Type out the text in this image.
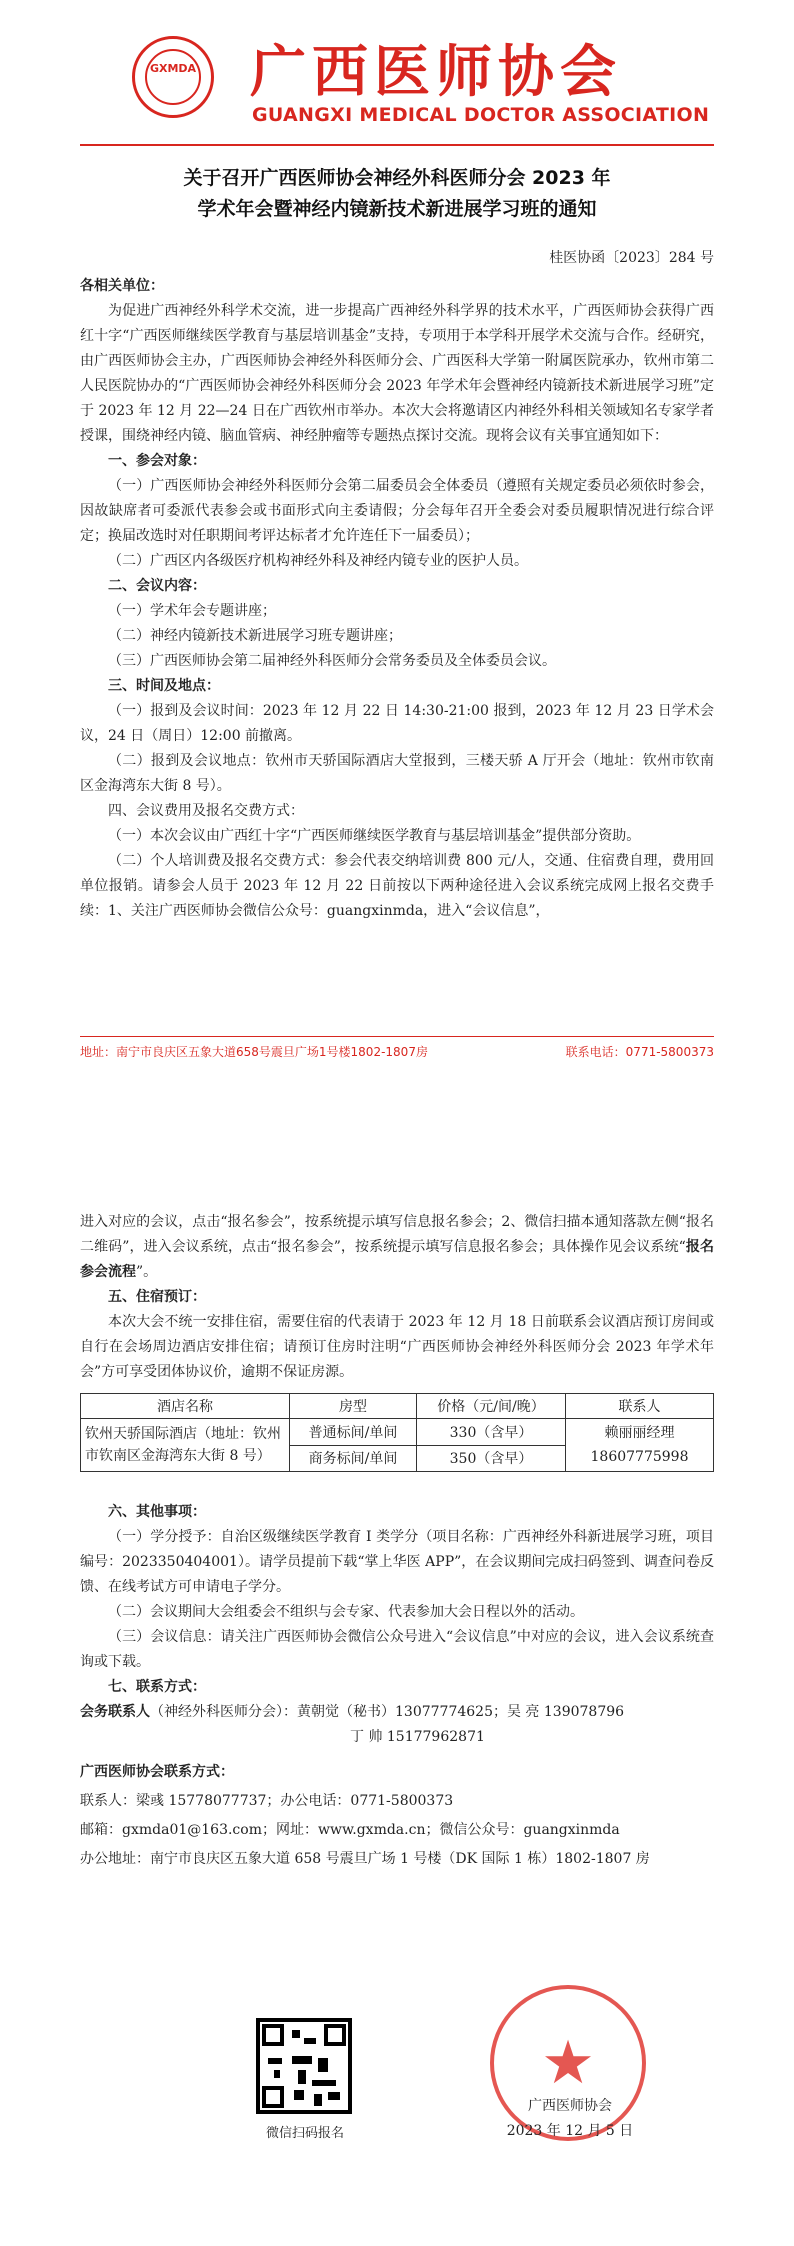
GXMDA 广西医师协会
GUANGXI MEDICAL DOCTOR ASSOCIATION
关于召开广西医师协会神经外科医师分会 2023 年
学术年会暨神经内镜新技术新进展学习班的通知
桂医协函〔2023〕284 号
各相关单位：
为促进广西神经外科学术交流，进一步提高广西神经外科学界的技术水平，广西医师协会获得广西红十字“广西医师继续医学教育与基层培训基金”支持，专项用于本学科开展学术交流与合作。经研究，由广西医师协会主办，广西医师协会神经外科医师分会、广西医科大学第一附属医院承办，钦州市第二人民医院协办的“广西医师协会神经外科医师分会 2023 年学术年会暨神经内镜新技术新进展学习班”定于 2023 年 12 月 22—24 日在广西钦州市举办。本次大会将邀请区内神经外科相关领域知名专家学者授课，围绕神经内镜、脑血管病、神经肿瘤等专题热点探讨交流。现将会议有关事宜通知如下：
一、参会对象：
（一）广西医师协会神经外科医师分会第二届委员会全体委员（遵照有关规定委员必须依时参会，因故缺席者可委派代表参会或书面形式向主委请假；分会每年召开全委会对委员履职情况进行综合评定；换届改选时对任职期间考评达标者才允许连任下一届委员）；
（二）广西区内各级医疗机构神经外科及神经内镜专业的医护人员。
二、会议内容：
（一）学术年会专题讲座；
（二）神经内镜新技术新进展学习班专题讲座；
（三）广西医师协会第二届神经外科医师分会常务委员及全体委员会议。
三、时间及地点：
（一）报到及会议时间：2023 年 12 月 22 日 14:30-21:00 报到，2023 年 12 月 23 日学术会议，24 日（周日）12:00 前撤离。
（二）报到及会议地点：钦州市天骄国际酒店大堂报到，三楼天骄 A 厅开会（地址：钦州市钦南区金海湾东大街 8 号）。
四、会议费用及报名交费方式：
（一）本次会议由广西红十字“广西医师继续医学教育与基层培训基金”提供部分资助。
（二）个人培训费及报名交费方式：参会代表交纳培训费 800 元/人，交通、住宿费自理，费用回单位报销。请参会人员于 2023 年 12 月 22 日前按以下两种途径进入会议系统完成网上报名交费手续：1、关注广西医师协会微信公众号：guangxinmda，进入“会议信息”，
地址：南宁市良庆区五象大道658号震旦广场1号楼1802-1807房	联系电话：0771-5800373
进入对应的会议，点击“报名参会”，按系统提示填写信息报名参会；2、微信扫描本通知落款左侧“报名二维码”，进入会议系统，点击“报名参会”，按系统提示填写信息报名参会；具体操作见会议系统“报名参会流程”。
五、住宿预订：
本次大会不统一安排住宿，需要住宿的代表请于 2023 年 12 月 18 日前联系会议酒店预订房间或自行在会场周边酒店安排住宿；请预订住房时注明“广西医师协会神经外科医师分会 2023 年学术年会”方可享受团体协议价，逾期不保证房源。
酒店名称	房型	价格（元/间/晚）	联系人
钦州天骄国际酒店（地址：钦州市钦南区金海湾东大街 8 号）	普通标间/单间	330（含早）	赖丽丽经理
18607775998

	商务标间/单间	350（含早）	
六、其他事项：
（一）学分授予：自治区级继续医学教育 I 类学分（项目名称：广西神经外科新进展学习班，项目编号：2023350404001）。请学员提前下载“掌上华医 APP”，在会议期间完成扫码签到、调查问卷反馈、在线考试方可申请电子学分。
（二）会议期间大会组委会不组织与会专家、代表参加大会日程以外的活动。
（三）会议信息：请关注广西医师协会微信公众号进入“会议信息”中对应的会议，进入会议系统查询或下载。
七、联系方式：
会务联系人（神经外科医师分会）：黄朝觉（秘书）13077774625；吴 亮 139078796
丁 帅 15177962871
广西医师协会联系方式：
联系人：梁彧 15778077737；办公电话：0771-5800373
邮箱：gxmda01@163.com；网址：www.gxmda.cn；微信公众号：guangxinmda
办公地址：南宁市良庆区五象大道 658 号震旦广场 1 号楼（DK 国际 1 栋）1802-1807 房
微信扫码报名
★
广西医师协会
2023 年 12 月 5 日
